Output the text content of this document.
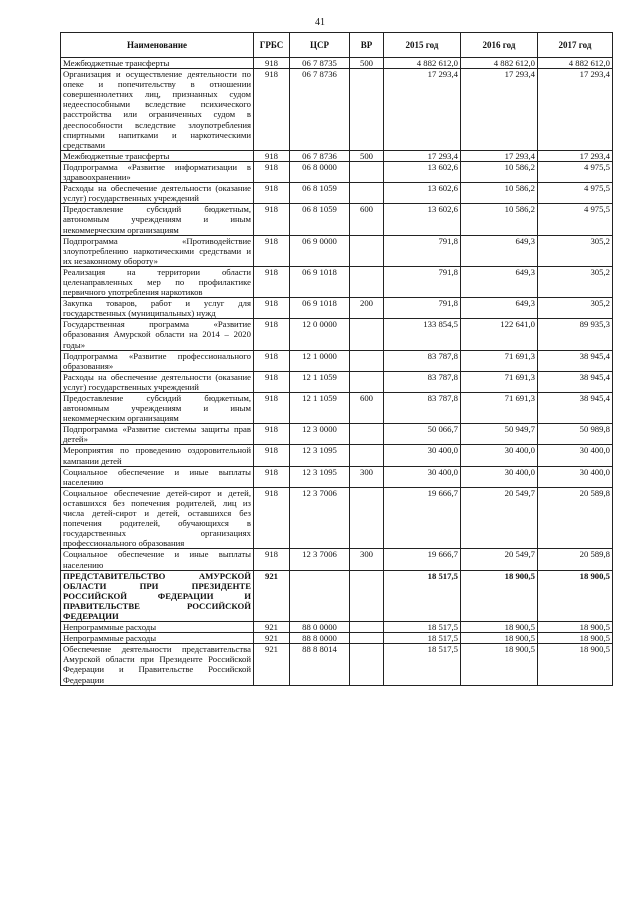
41
Наименование	ГРБС	ЦСР	ВР	2015 год	2016 год	2017 год
Межбюджетные трансферты	918	06 7 8735	500	4 882 612,0	4 882 612,0	4 882 612,0
Организация и осуществление деятельности по опеке и попечительству в отношении совершеннолетних лиц, признанных судом недееспособными вследствие психического расстройства или ограниченных судом в дееспособности вследствие злоупотребления спиртными напитками и наркотическими средствами	918	06 7 8736		17 293,4	17 293,4	17 293,4
Межбюджетные трансферты	918	06 7 8736	500	17 293,4	17 293,4	17 293,4
Подпрограмма «Развитие информатизации в здравоохранении»	918	06 8 0000		13 602,6	10 586,2	4 975,5
Расходы на обеспечение деятельности (оказание услуг) государственных учреждений	918	06 8 1059		13 602,6	10 586,2	4 975,5
Предоставление субсидий бюджетным, автономным учреждениям и иным некоммерческим организациям	918	06 8 1059	600	13 602,6	10 586,2	4 975,5
Подпрограмма «Противодействие злоупотреблению наркотическими средствами и их незаконному обороту»	918	06 9 0000		791,8	649,3	305,2
Реализация на территории области целенаправленных мер по профилактике первичного употребления наркотиков	918	06 9 1018		791,8	649,3	305,2
Закупка товаров, работ и услуг для государственных (муниципальных) нужд	918	06 9 1018	200	791,8	649,3	305,2
Государственная программа «Развитие образования Амурской области на 2014 – 2020 годы»	918	12 0 0000		133 854,5	122 641,0	89 935,3
Подпрограмма «Развитие профессионального образования»	918	12 1 0000		83 787,8	71 691,3	38 945,4
Расходы на обеспечение деятельности (оказание услуг) государственных учреждений	918	12 1 1059		83 787,8	71 691,3	38 945,4
Предоставление субсидий бюджетным, автономным учреждениям и иным некоммерческим организациям	918	12 1 1059	600	83 787,8	71 691,3	38 945,4
Подпрограмма «Развитие системы защиты прав детей»	918	12 3 0000		50 066,7	50 949,7	50 989,8
Мероприятия по проведению оздоровительной кампании детей	918	12 3 1095		30 400,0	30 400,0	30 400,0
Социальное обеспечение и иные выплаты населению	918	12 3 1095	300	30 400,0	30 400,0	30 400,0
Социальное обеспечение детей-сирот и детей, оставшихся без попечения родителей, лиц из числа детей-сирот и детей, оставшихся без попечения родителей, обучающихся в государственных организациях профессионального образования	918	12 3 7006		19 666,7	20 549,7	20 589,8
Социальное обеспечение и иные выплаты населению	918	12 3 7006	300	19 666,7	20 549,7	20 589,8
ПРЕДСТАВИТЕЛЬСТВО АМУРСКОЙ ОБЛАСТИ ПРИ ПРЕЗИДЕНТЕ РОССИЙСКОЙ ФЕДЕРАЦИИ И ПРАВИТЕЛЬСТВЕ РОССИЙСКОЙ ФЕДЕРАЦИИ	921			18 517,5	18 900,5	18 900,5
Непрограммные расходы	921	88 0 0000		18 517,5	18 900,5	18 900,5
Непрограммные расходы	921	88 8 0000		18 517,5	18 900,5	18 900,5
Обеспечение деятельности представительства Амурской области при Президенте Российской Федерации и Правительстве Российской Федерации	921	88 8 8014		18 517,5	18 900,5	18 900,5
